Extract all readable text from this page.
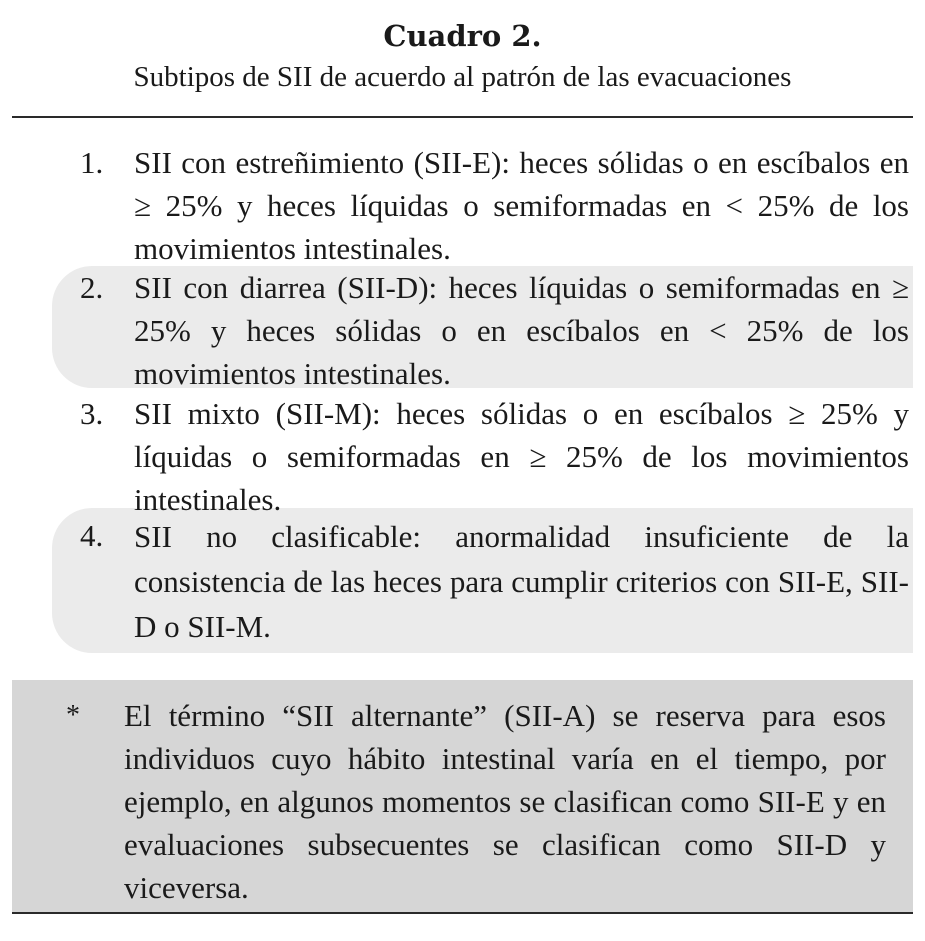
Cuadro 2.
Subtipos de SII de acuerdo al patrón de las evacuaciones
1. SII con estreñimiento (SII-E): heces sólidas o en escíbalos en ≥ 25% y heces líquidas o semiformadas en < 25% de los movimientos intestinales.
2. SII con diarrea (SII-D): heces líquidas o semiformadas en ≥ 25% y heces sólidas o en escíbalos en < 25% de los movimientos intestinales.
3. SII mixto (SII-M): heces sólidas o en escíbalos ≥ 25% y líquidas o semiformadas en ≥ 25% de los movimientos intestinales.
4. SII no clasificable: anormalidad insuficiente de la consistencia de las heces para cumplir criterios con SII-E, SII-D o SII-M.
* El término “SII alternante” (SII-A) se reserva para esos individuos cuyo hábito intestinal varía en el tiempo, por ejemplo, en algunos momentos se clasifican como SII-E y en evaluaciones subsecuentes se clasifican como SII-D y viceversa.
